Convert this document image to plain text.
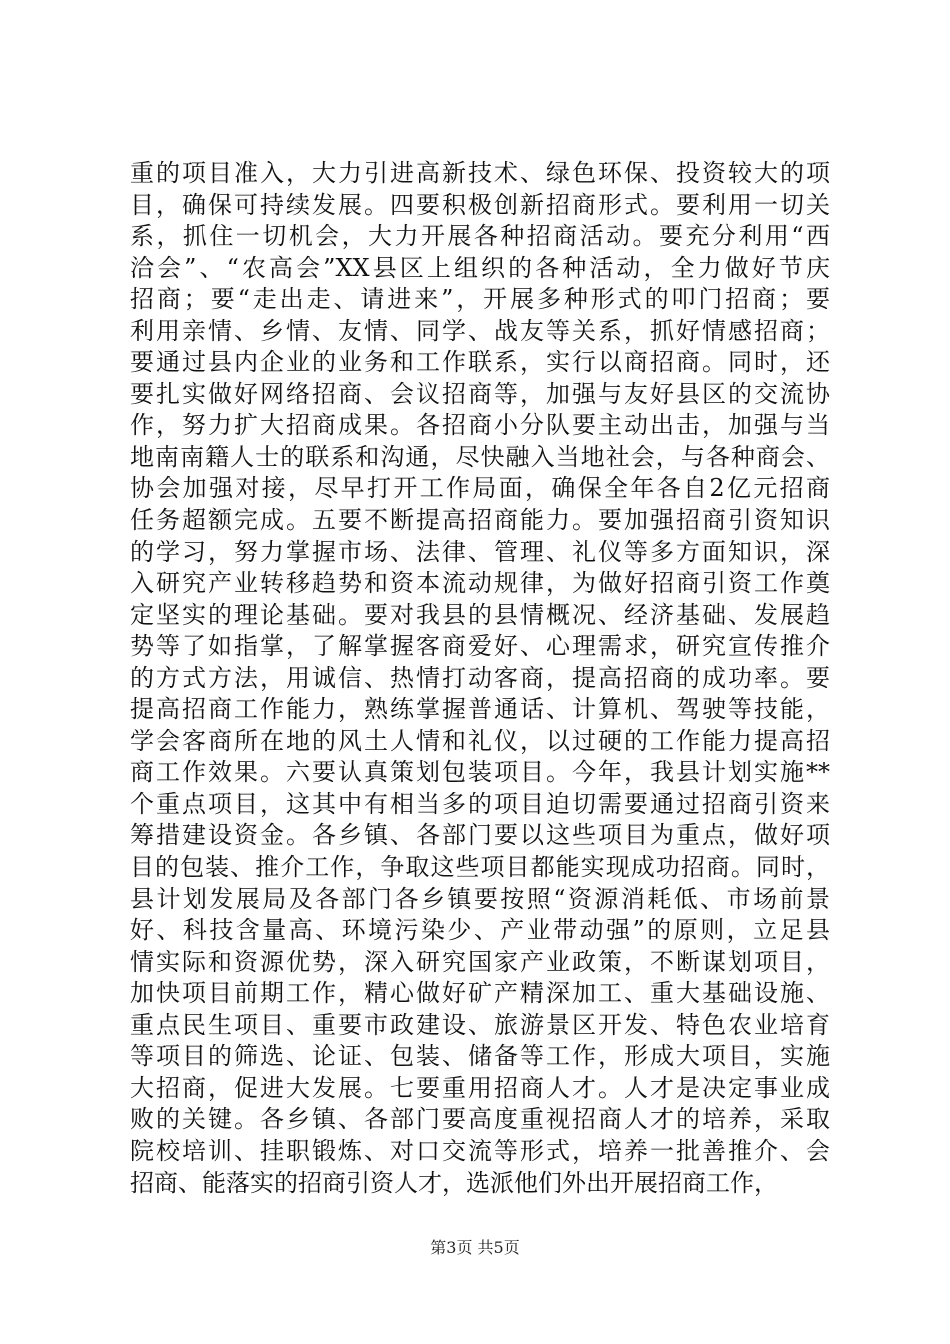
重的项目准入，大力引进高新技术、绿色环保、投资较大的项
目，确保可持续发展。四要积极创新招商形式。要利用一切关
系，抓住一切机会，大力开展各种招商活动。要充分利用“西
洽会”、“农高会”XX县区上组织的各种活动，全力做好节庆
招商；要“走出走、请进来”，开展多种形式的叩门招商；要
利用亲情、乡情、友情、同学、战友等关系，抓好情感招商；
要通过县内企业的业务和工作联系，实行以商招商。同时，还
要扎实做好网络招商、会议招商等，加强与友好县区的交流协
作，努力扩大招商成果。各招商小分队要主动出击，加强与当
地南南籍人士的联系和沟通，尽快融入当地社会，与各种商会、
协会加强对接，尽早打开工作局面，确保全年各自2亿元招商
任务超额完成。五要不断提高招商能力。要加强招商引资知识
的学习，努力掌握市场、法律、管理、礼仪等多方面知识，深
入研究产业转移趋势和资本流动规律，为做好招商引资工作奠
定坚实的理论基础。要对我县的县情概况、经济基础、发展趋
势等了如指掌，了解掌握客商爱好、心理需求，研究宣传推介
的方式方法，用诚信、热情打动客商，提高招商的成功率。要
提高招商工作能力，熟练掌握普通话、计算机、驾驶等技能，
学会客商所在地的风土人情和礼仪，以过硬的工作能力提高招
商工作效果。六要认真策划包装项目。今年，我县计划实施**
个重点项目，这其中有相当多的项目迫切需要通过招商引资来
筹措建设资金。各乡镇、各部门要以这些项目为重点，做好项
目的包装、推介工作，争取这些项目都能实现成功招商。同时，
县计划发展局及各部门各乡镇要按照“资源消耗低、市场前景
好、科技含量高、环境污染少、产业带动强”的原则，立足县
情实际和资源优势，深入研究国家产业政策，不断谋划项目，
加快项目前期工作，精心做好矿产精深加工、重大基础设施、
重点民生项目、重要市政建设、旅游景区开发、特色农业培育
等项目的筛选、论证、包装、储备等工作，形成大项目，实施
大招商，促进大发展。七要重用招商人才。人才是决定事业成
败的关键。各乡镇、各部门要高度重视招商人才的培养，采取
院校培训、挂职锻炼、对口交流等形式，培养一批善推介、会
招商、能落实的招商引资人才，选派他们外出开展招商工作，
第3页 共5页
